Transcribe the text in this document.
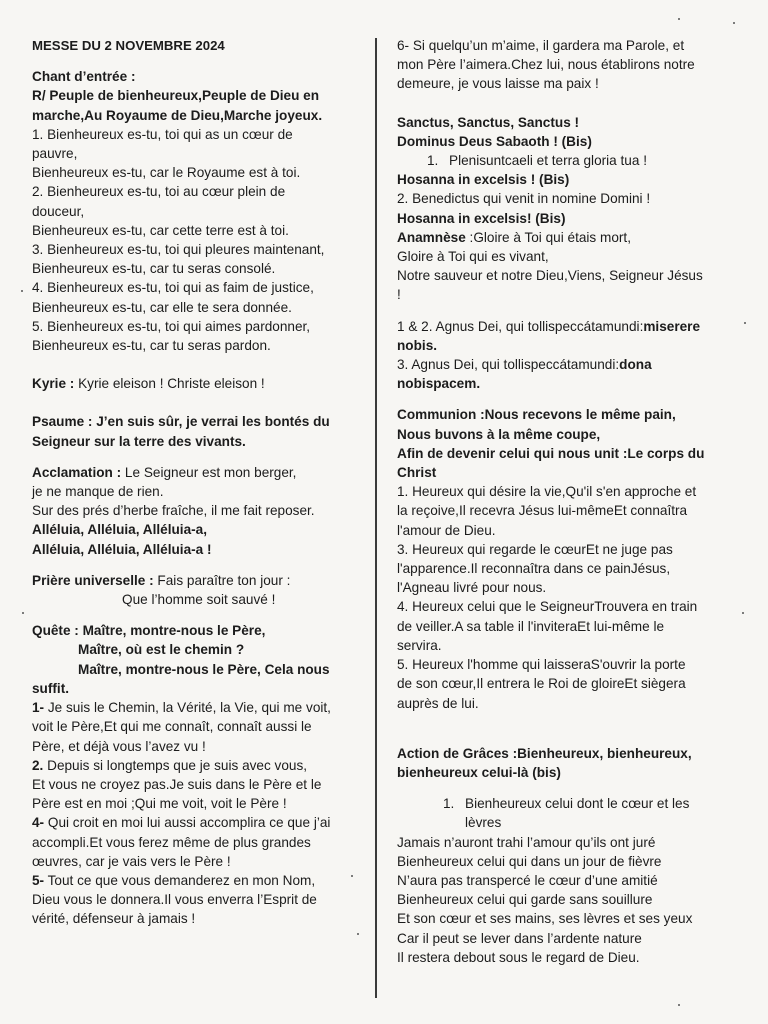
MESSE DU 2 NOVEMBRE 2024
Chant d’entrée :
R/ Peuple de bienheureux,Peuple de Dieu en
marche,Au Royaume de Dieu,Marche joyeux.
1. Bienheureux es-tu, toi qui as un cœur de
pauvre,
Bienheureux es-tu, car le Royaume est à toi.
2. Bienheureux es-tu, toi au cœur plein de
douceur,
Bienheureux es-tu, car cette terre est à toi.
3. Bienheureux es-tu, toi qui pleures maintenant,
Bienheureux es-tu, car tu seras consolé.
4. Bienheureux es-tu, toi qui as faim de justice,
Bienheureux es-tu, car elle te sera donnée.
5. Bienheureux es-tu, toi qui aimes pardonner,
Bienheureux es-tu, car tu seras pardon.
Kyrie : Kyrie eleison ! Christe eleison !
Psaume : J’en suis sûr, je verrai les bontés du
Seigneur sur la terre des vivants.
Acclamation : Le Seigneur est mon berger,
je ne manque de rien.
Sur des prés d’herbe fraîche, il me fait reposer.
Alléluia, Alléluia, Alléluia-a,
Alléluia, Alléluia, Alléluia-a !
Prière universelle : Fais paraître ton jour :
Que l’homme soit sauvé !
Quête : Maître, montre-nous le Père,
Maître, où est le chemin ?
Maître, montre-nous le Père, Cela nous
suffit.
1- Je suis le Chemin, la Vérité, la Vie, qui me voit,
voit le Père,Et qui me connaît, connaît aussi le
Père, et déjà vous l’avez vu !
2. Depuis si longtemps que je suis avec vous,
Et vous ne croyez pas.Je suis dans le Père et le
Père est en moi ;Qui me voit, voit le Père !
4- Qui croit en moi lui aussi accomplira ce que j’ai
accompli.Et vous ferez même de plus grandes
œuvres, car je vais vers le Père !
5- Tout ce que vous demanderez en mon Nom,
Dieu vous le donnera.Il vous enverra l’Esprit de
vérité, défenseur à jamais !
6- Si quelqu’un m’aime, il gardera ma Parole, et
mon Père l’aimera.Chez lui, nous établirons notre
demeure, je vous laisse ma paix !
Sanctus, Sanctus, Sanctus !
Dominus Deus Sabaoth ! (Bis)
1. Plenisuntcaeli et terra gloria tua !
Hosanna in excelsis ! (Bis)
2. Benedictus qui venit in nomine Domini !
Hosanna in excelsis! (Bis)
Anamnèse :Gloire à Toi qui étais mort,
Gloire à Toi qui es vivant,
Notre sauveur et notre Dieu,Viens, Seigneur Jésus
!
1 & 2. Agnus Dei, qui tollispeccátamundi:miserere
nobis.
3. Agnus Dei, qui tollispeccátamundi:dona
nobispacem.
Communion :Nous recevons le même pain,
Nous buvons à la même coupe,
Afin de devenir celui qui nous unit :Le corps du
Christ
1. Heureux qui désire la vie,Qu'il s'en approche et
la reçoive,Il recevra Jésus lui-mêmeEt connaîtra
l'amour de Dieu.
3. Heureux qui regarde le cœurEt ne juge pas
l'apparence.Il reconnaîtra dans ce painJésus,
l'Agneau livré pour nous.
4. Heureux celui que le SeigneurTrouvera en train
de veiller.A sa table il l'inviteraEt lui-même le
servira.
5. Heureux l'homme qui laisseraS'ouvrir la porte
de son cœur,Il entrera le Roi de gloireEt siègera
auprès de lui.
Action de Grâces :Bienheureux, bienheureux,
bienheureux celui-là (bis)
1. Bienheureux celui dont le cœur et les
lèvres
Jamais n’auront trahi l’amour qu’ils ont juré
Bienheureux celui qui dans un jour de fièvre
N’aura pas transpercé le cœur d’une amitié
Bienheureux celui qui garde sans souillure
Et son cœur et ses mains, ses lèvres et ses yeux
Car il peut se lever dans l’ardente nature
Il restera debout sous le regard de Dieu.
